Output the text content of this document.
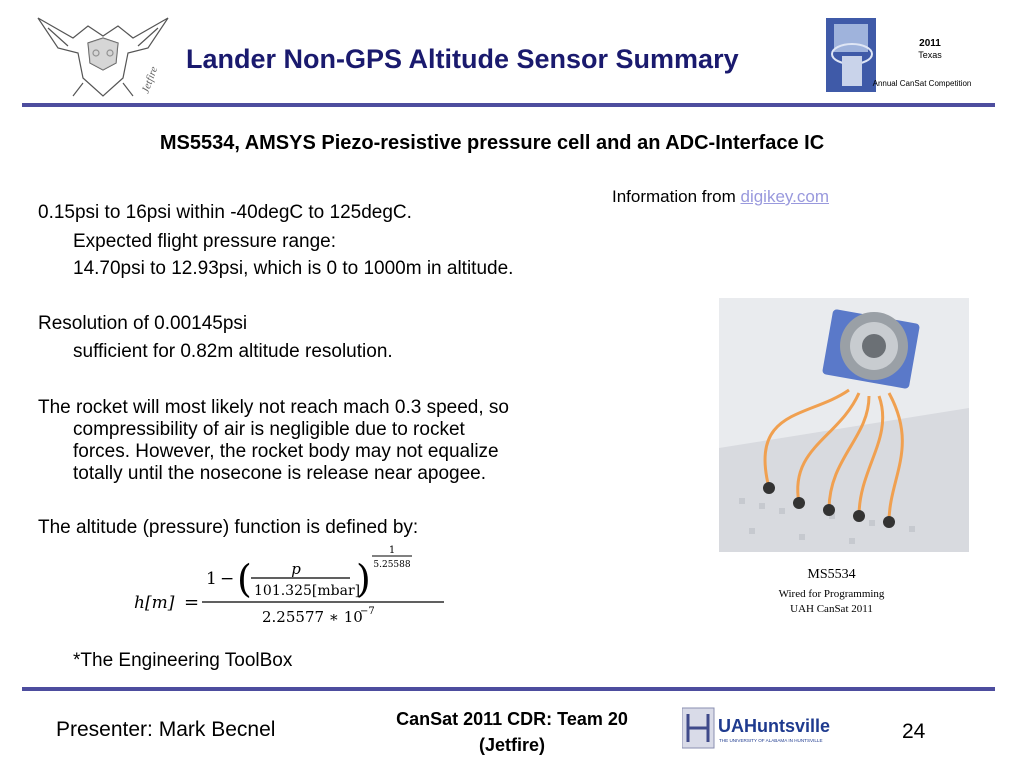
Jetfire
Lander Non-GPS Altitude Sensor Summary
2011
Texas
Annual CanSat Competition
MS5534, AMSYS Piezo-resistive pressure cell and an ADC-Interface IC
Information from digikey.com
0.15psi to 16psi within -40degC to 125degC.
Expected flight pressure range:
14.70psi to 12.93psi, which is 0 to 1000m in altitude.
Resolution of 0.00145psi
sufficient for 0.82m altitude resolution.
The rocket will most likely not reach mach 0.3 speed, so
compressibility of air is negligible due to rocket
forces. However, the rocket body may not equalize
totally until the nosecone is release near apogee.
The altitude (pressure) function is defined by:
h[m] =
1 − (	p
101.325[mbar]
)
1
5.25588
2.25577 ∗ 10
−7
*The Engineering ToolBox
MS5534
Wired for Programming
UAH CanSat 2011
Presenter: Mark Becnel	CanSat 2011 CDR: Team 20
(Jetfire)
UAHuntsville
THE UNIVERSITY OF ALABAMA IN HUNTSVILLE	24
